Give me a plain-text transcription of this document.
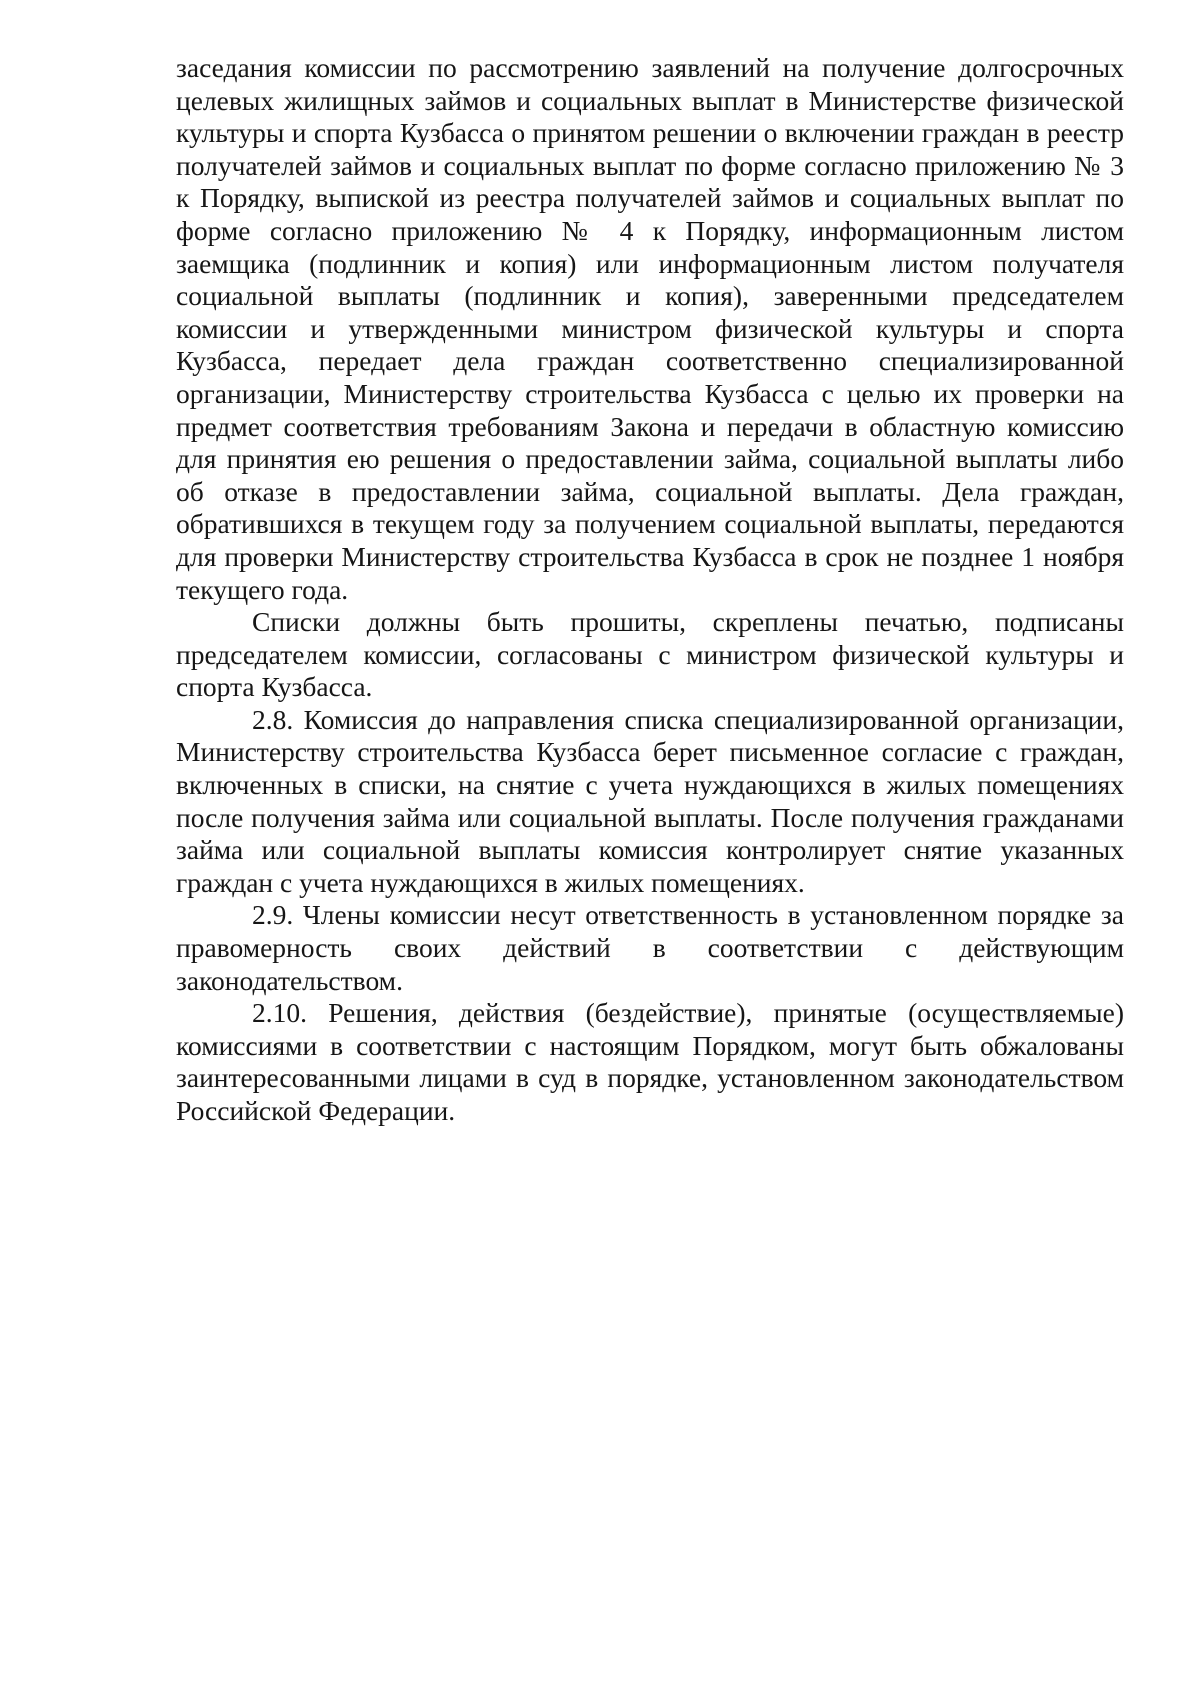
заседания комиссии по рассмотрению заявлений на получение долгосрочных целевых жилищных займов и социальных выплат в Министерстве физической культуры и спорта Кузбасса о принятом решении о включении граждан в реестр получателей займов и социальных выплат по форме согласно приложению № 3 к Порядку, выпиской из реестра получателей займов и социальных выплат по форме согласно приложению № 4 к Порядку, информационным листом заемщика (подлинник и копия) или информационным листом получателя социальной выплаты (подлинник и копия), заверенными председателем комиссии и утвержденными министром физической культуры и спорта Кузбасса, передает дела граждан соответственно специализированной организации, Министерству строительства Кузбасса с целью их проверки на предмет соответствия требованиям Закона и передачи в областную комиссию для принятия ею решения о предоставлении займа, социальной выплаты либо об отказе в предоставлении займа, социальной выплаты. Дела граждан, обратившихся в текущем году за получением социальной выплаты, передаются для проверки Министерству строительства Кузбасса в срок не позднее 1 ноября текущего года.

Списки должны быть прошиты, скреплены печатью, подписаны председателем комиссии, согласованы с министром физической культуры и спорта Кузбасса.

2.8. Комиссия до направления списка специализированной организации, Министерству строительства Кузбасса берет письменное согласие с граждан, включенных в списки, на снятие с учета нуждающихся в жилых помещениях после получения займа или социальной выплаты. После получения гражданами займа или социальной выплаты комиссия контролирует снятие указанных граждан с учета нуждающихся в жилых помещениях.

2.9. Члены комиссии несут ответственность в установленном порядке за правомерность своих действий в соответствии с действующим законодательством.

2.10. Решения, действия (бездействие), принятые (осуществляемые) комиссиями в соответствии с настоящим Порядком, могут быть обжалованы заинтересованными лицами в суд в порядке, установленном законодательством Российской Федерации.
